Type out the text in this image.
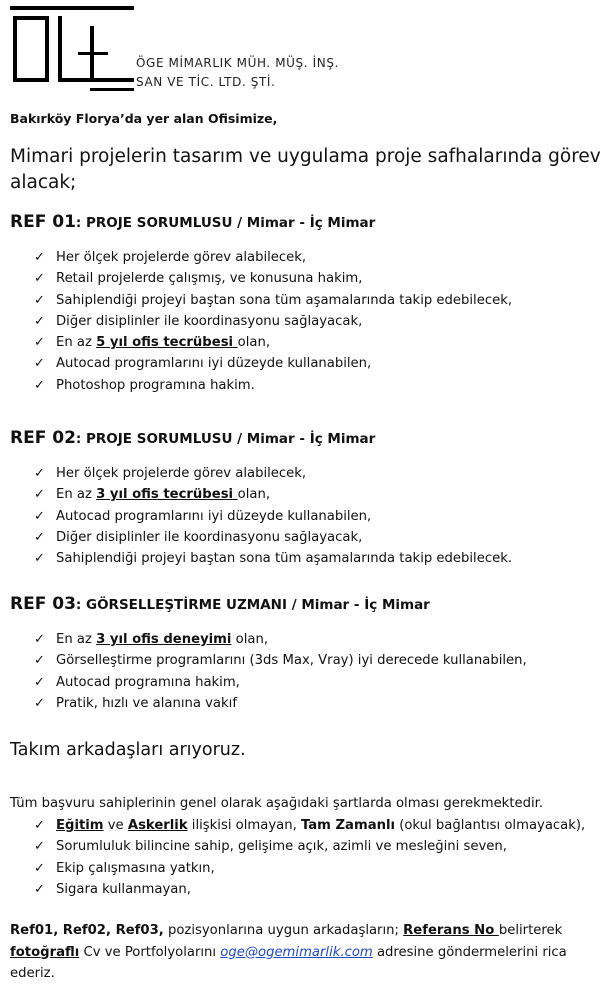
ÖGE MİMARLIK MÜH. MÜŞ. İNŞ.
SAN VE TİC. LTD. ŞTİ.
Bakırköy Florya’da yer alan Ofisimize,
Mimari projelerin tasarım ve uygulama proje safhalarında görev alacak;
REF 01: PROJE SORUMLUSU / Mimar - İç Mimar
✓ Her ölçek projelerde görev alabilecek,
✓ Retail projelerde çalışmış, ve konusuna hakim,
✓ Sahiplendiği projeyi baştan sona tüm aşamalarında takip edebilecek,
✓ Diğer disiplinler ile koordinasyonu sağlayacak,
✓ En az 5 yıl ofis tecrübesi olan,
✓ Autocad programlarını iyi düzeyde kullanabilen,
✓ Photoshop programına hakim.
REF 02: PROJE SORUMLUSU / Mimar - İç Mimar
✓ Her ölçek projelerde görev alabilecek,
✓ En az 3 yıl ofis tecrübesi olan,
✓ Autocad programlarını iyi düzeyde kullanabilen,
✓ Diğer disiplinler ile koordinasyonu sağlayacak,
✓ Sahiplendiği projeyi baştan sona tüm aşamalarında takip edebilecek.
REF 03: GÖRSELLEŞTİRME UZMANI / Mimar - İç Mimar
✓ En az 3 yıl ofis deneyimi olan,
✓ Görselleştirme programlarını (3ds Max, Vray) iyi derecede kullanabilen,
✓ Autocad programına hakim,
✓ Pratik, hızlı ve alanına vakıf
Takım arkadaşları arıyoruz.
Tüm başvuru sahiplerinin genel olarak aşağıdaki şartlarda olması gerekmektedir.
✓ Eğitim ve Askerlik ilişkisi olmayan, Tam Zamanlı (okul bağlantısı olmayacak),
✓ Sorumluluk bilincine sahip, gelişime açık, azimli ve mesleğini seven,
✓ Ekip çalışmasına yatkın,
✓ Sigara kullanmayan,
Ref01, Ref02, Ref03, pozisyonlarına uygun arkadaşların; Referans No belirterek fotoğraflı Cv ve Portfolyolarını oge@ogemimarlik.com adresine göndermelerini rica ederiz.
